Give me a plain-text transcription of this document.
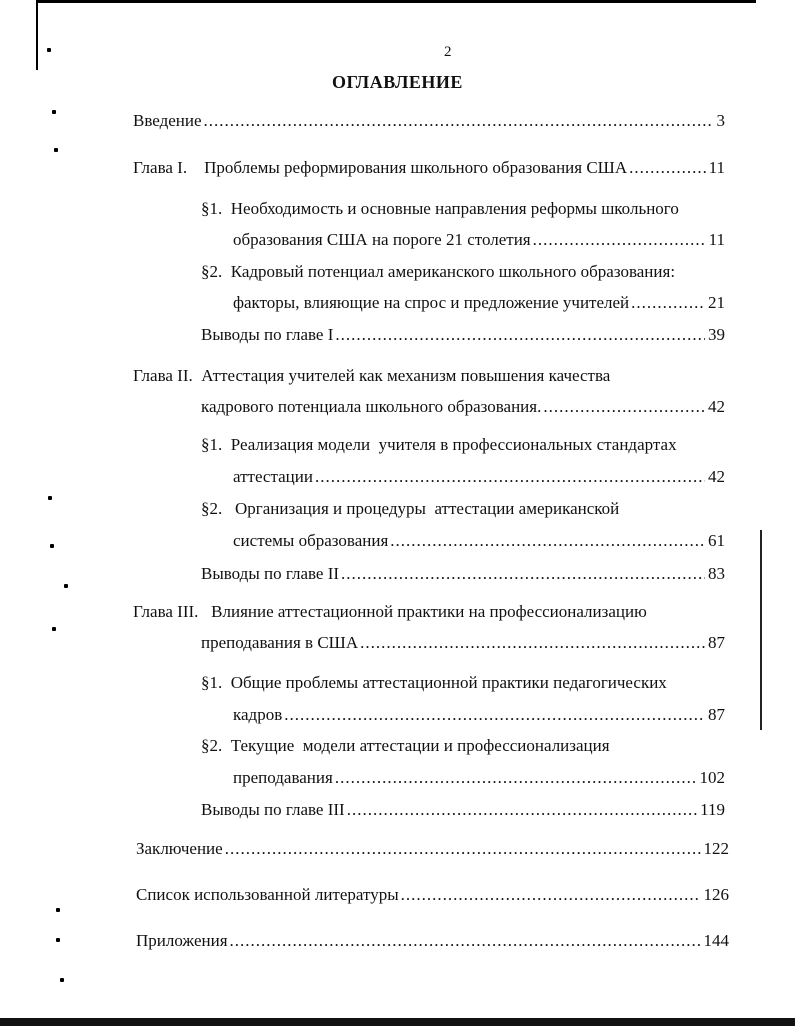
2
ОГЛАВЛЕНИЕ
Введение .....	3
Глава I.    Проблемы реформирования школьного образования США .....	11
§1.  Необходимость и основные направления реформы школьного
образования США на пороге 21 столетия .....	11
§2.  Кадровый потенциал американского школьного образования:
факторы, влияющие на спрос и предложение учителей .....	21
Выводы по главе I .....	39
Глава II.  Аттестация учителей как механизм повышения качества
кадрового потенциала школьного образования. .....	42
§1.  Реализация модели  учителя в профессиональных стандартах
аттестации .....	42
§2.   Организация и процедуры  аттестации американской
системы образования .....	61
Выводы по главе II .....	83
Глава III.   Влияние аттестационной практики на профессионализацию
преподавания в США .....	87
§1.  Общие проблемы аттестационной практики педагогических
кадров .....	87
§2.  Текущие  модели аттестации и профессионализация
преподавания .....	102
Выводы по главе III .....	119
Заключение .....	122
Список использованной литературы .....	126
Приложения .....	144
